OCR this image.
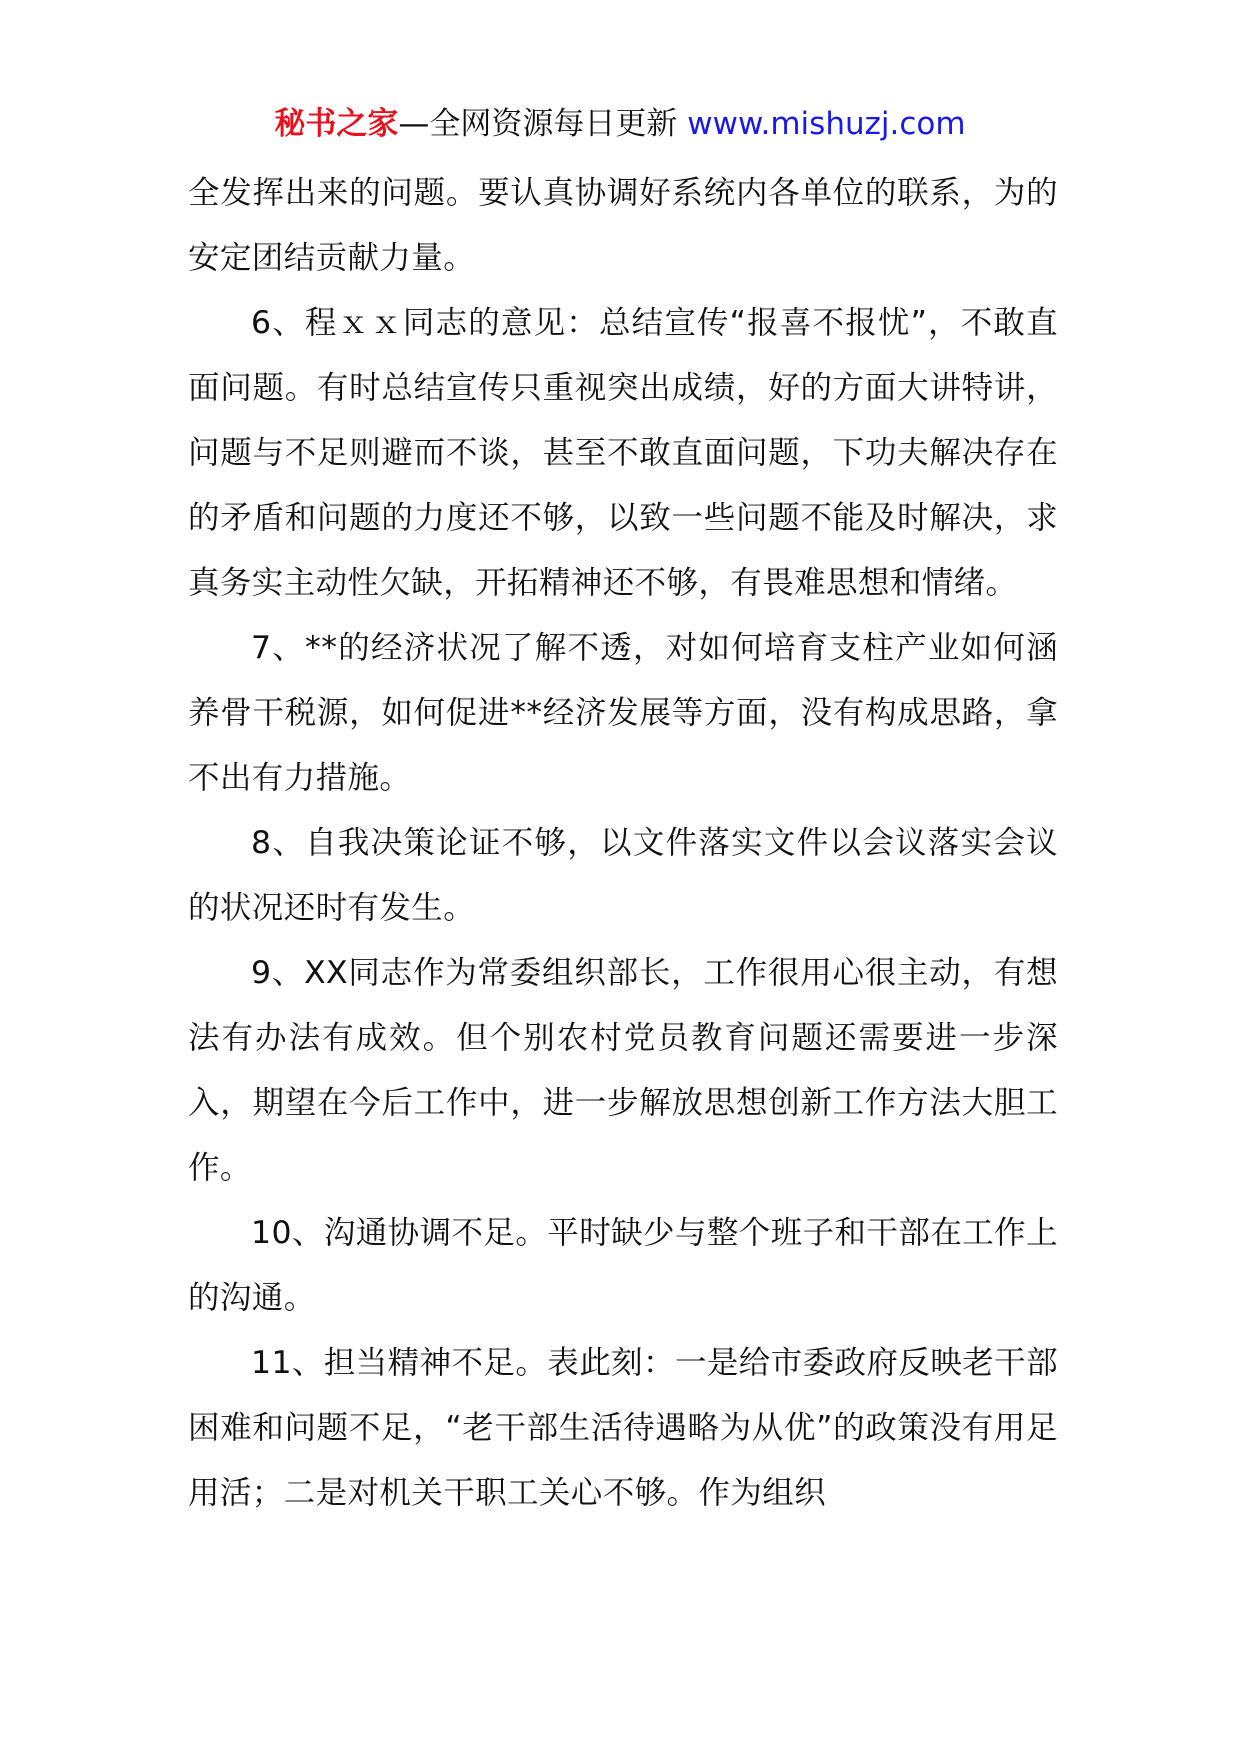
秘书之家—全网资源每日更新 www.mishuzj.com

全发挥出来的问题。要认真协调好系统内各单位的联系，为的安定团结贡献力量。

6、程ｘｘ同志的意见：总结宣传“报喜不报忧”，不敢直面问题。有时总结宣传只重视突出成绩，好的方面大讲特讲，问题与不足则避而不谈，甚至不敢直面问题，下功夫解决存在的矛盾和问题的力度还不够，以致一些问题不能及时解决，求真务实主动性欠缺，开拓精神还不够，有畏难思想和情绪。

7、**的经济状况了解不透，对如何培育支柱产业如何涵养骨干税源，如何促进**经济发展等方面，没有构成思路，拿不出有力措施。

8、自我决策论证不够，以文件落实文件以会议落实会议的状况还时有发生。

9、XX同志作为常委组织部长，工作很用心很主动，有想法有办法有成效。但个别农村党员教育问题还需要进一步深入，期望在今后工作中，进一步解放思想创新工作方法大胆工作。

10、沟通协调不足。平时缺少与整个班子和干部在工作上的沟通。

11、担当精神不足。表此刻：一是给市委政府反映老干部困难和问题不足，“老干部生活待遇略为从优”的政策没有用足用活；二是对机关干职工关心不够。作为组织
